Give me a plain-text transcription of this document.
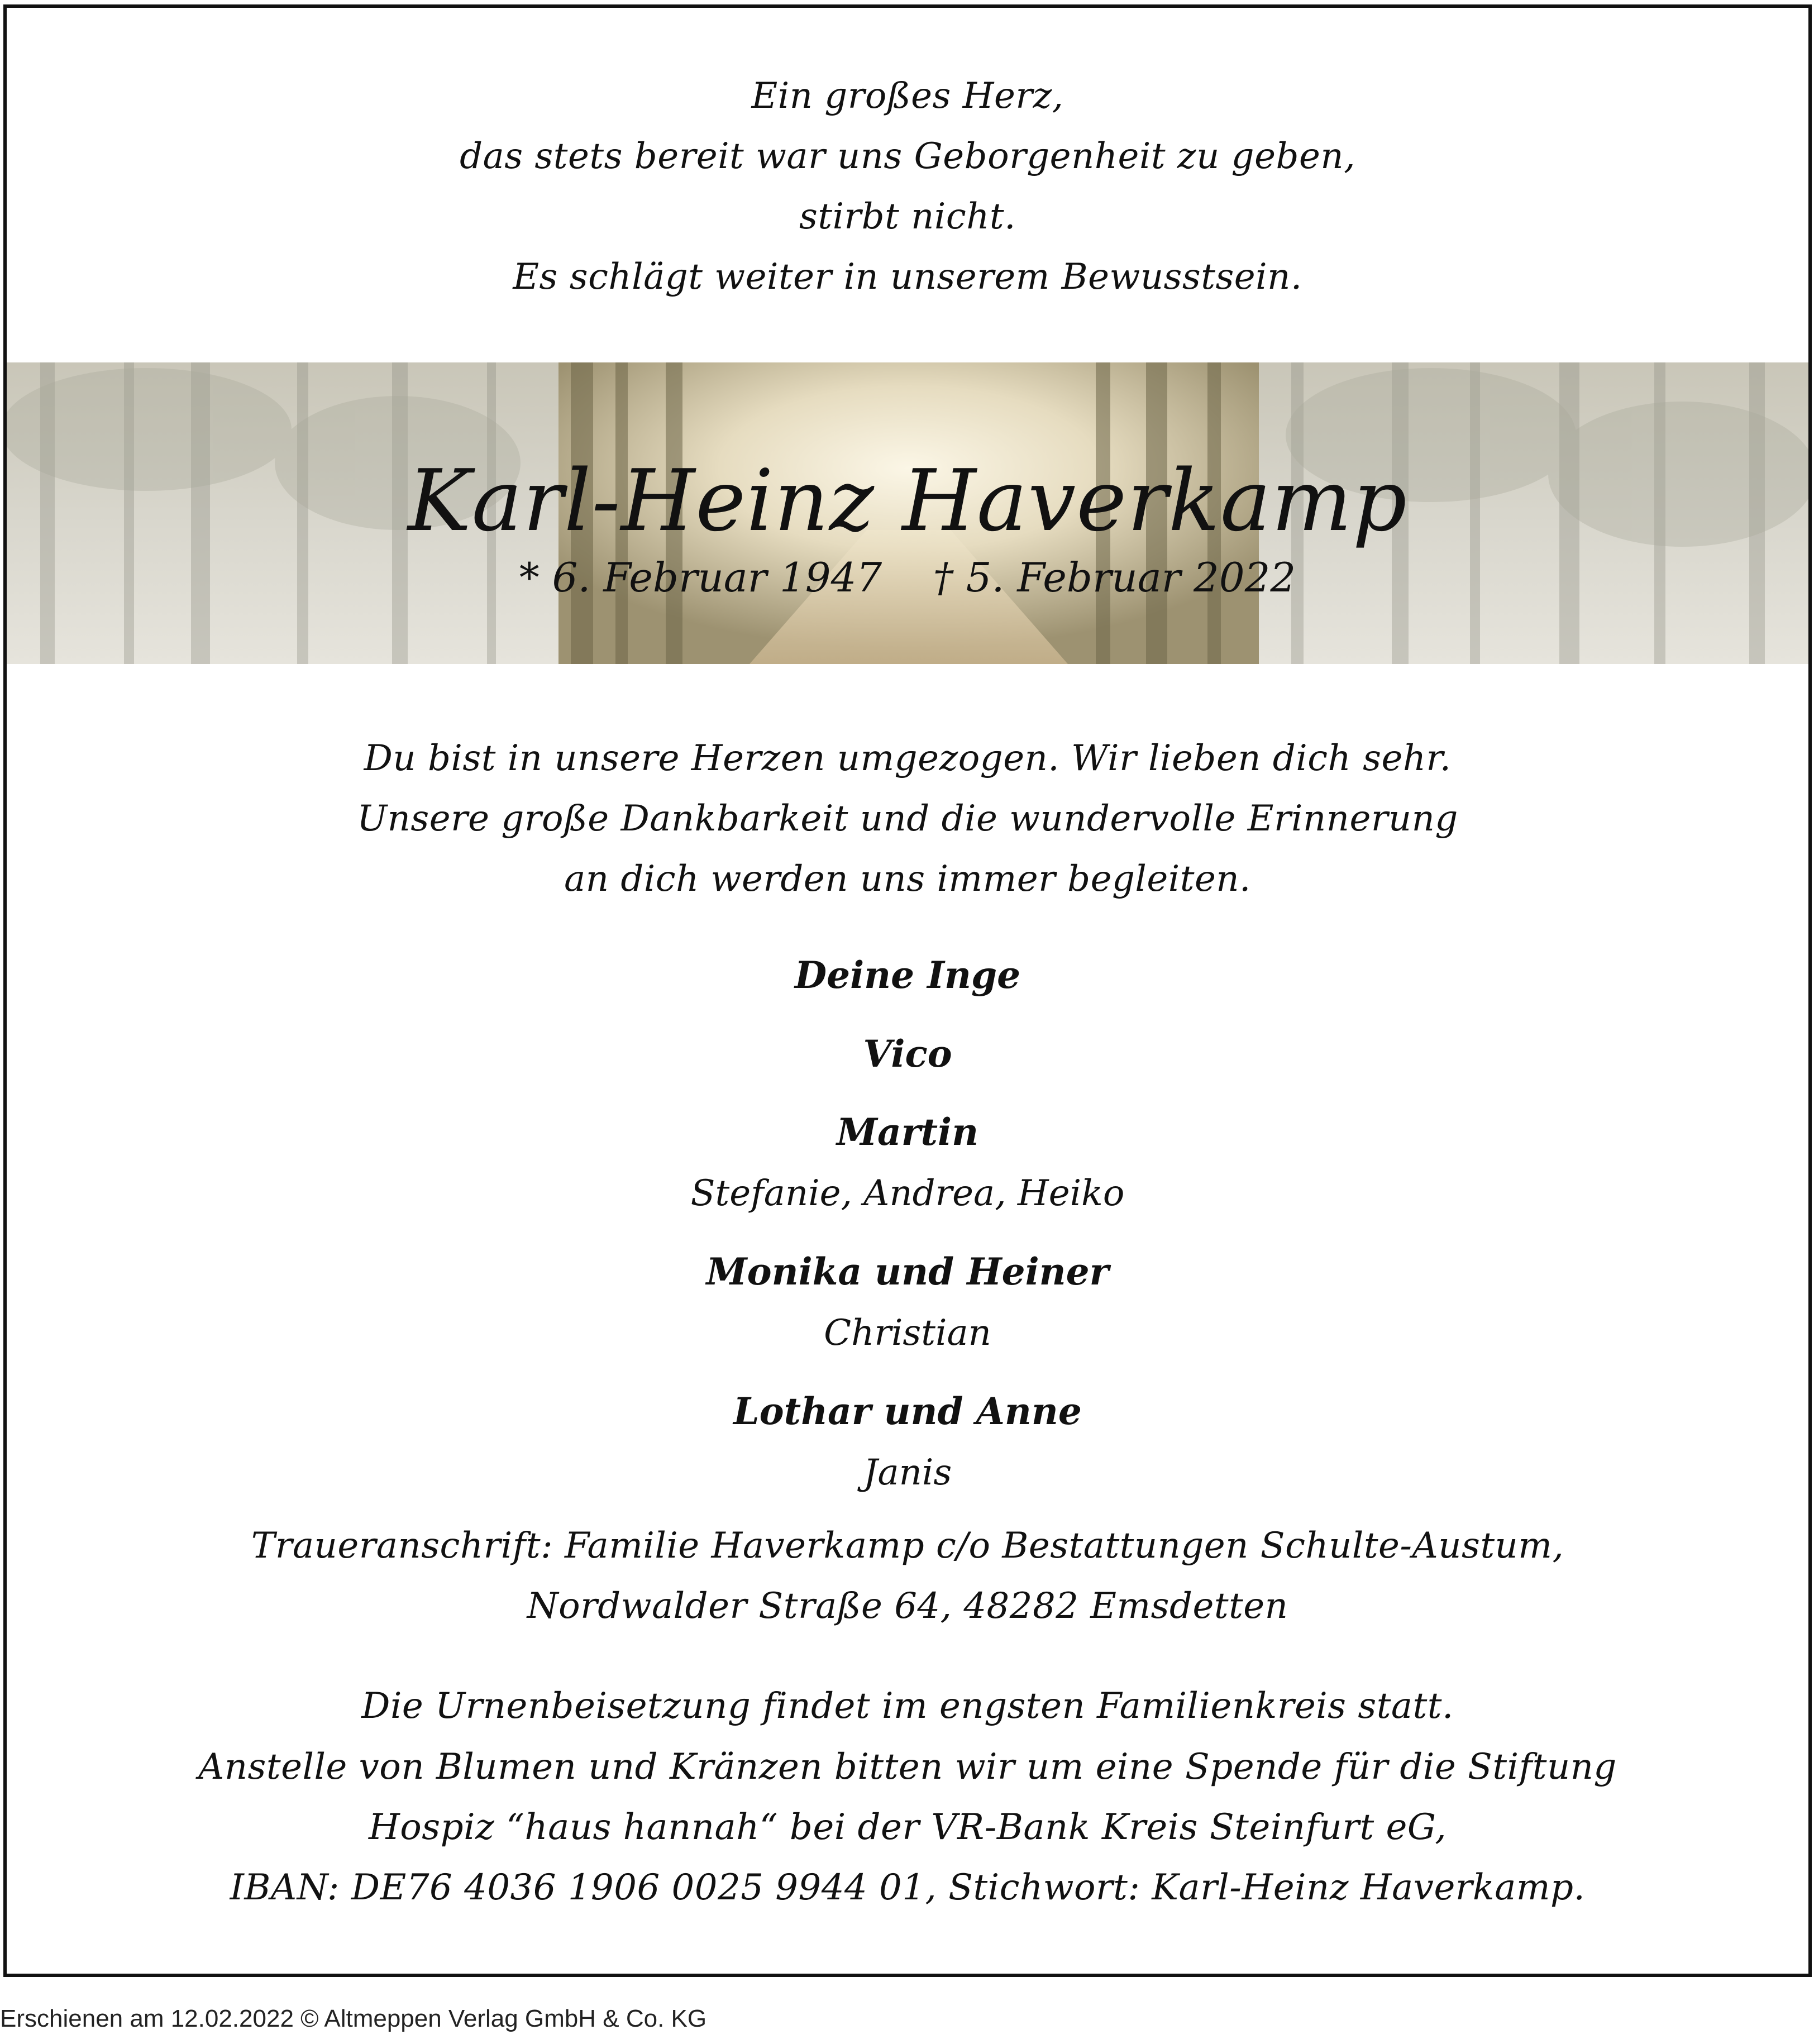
Ein großes Herz,
das stets bereit war uns Geborgenheit zu geben,
stirbt nicht.
Es schlägt weiter in unserem Bewusstsein.
Karl-Heinz Haverkamp
* 6. Februar 1947 † 5. Februar 2022
Du bist in unsere Herzen umgezogen. Wir lieben dich sehr.
Unsere große Dankbarkeit und die wundervolle Erinnerung
an dich werden uns immer begleiten.
Deine Inge
Vico
Martin
Stefanie, Andrea, Heiko
Monika und Heiner
Christian
Lothar und Anne
Janis
Traueranschrift: Familie Haverkamp c/o Bestattungen Schulte-Austum,
Nordwalder Straße 64, 48282 Emsdetten
Die Urnenbeisetzung findet im engsten Familienkreis statt.
Anstelle von Blumen und Kränzen bitten wir um eine Spende für die Stiftung
Hospiz “haus hannah“ bei der VR-Bank Kreis Steinfurt eG,
IBAN: DE76 4036 1906 0025 9944 01, Stichwort: Karl-Heinz Haverkamp.
Erschienen am 12.02.2022 © Altmeppen Verlag GmbH & Co. KG
